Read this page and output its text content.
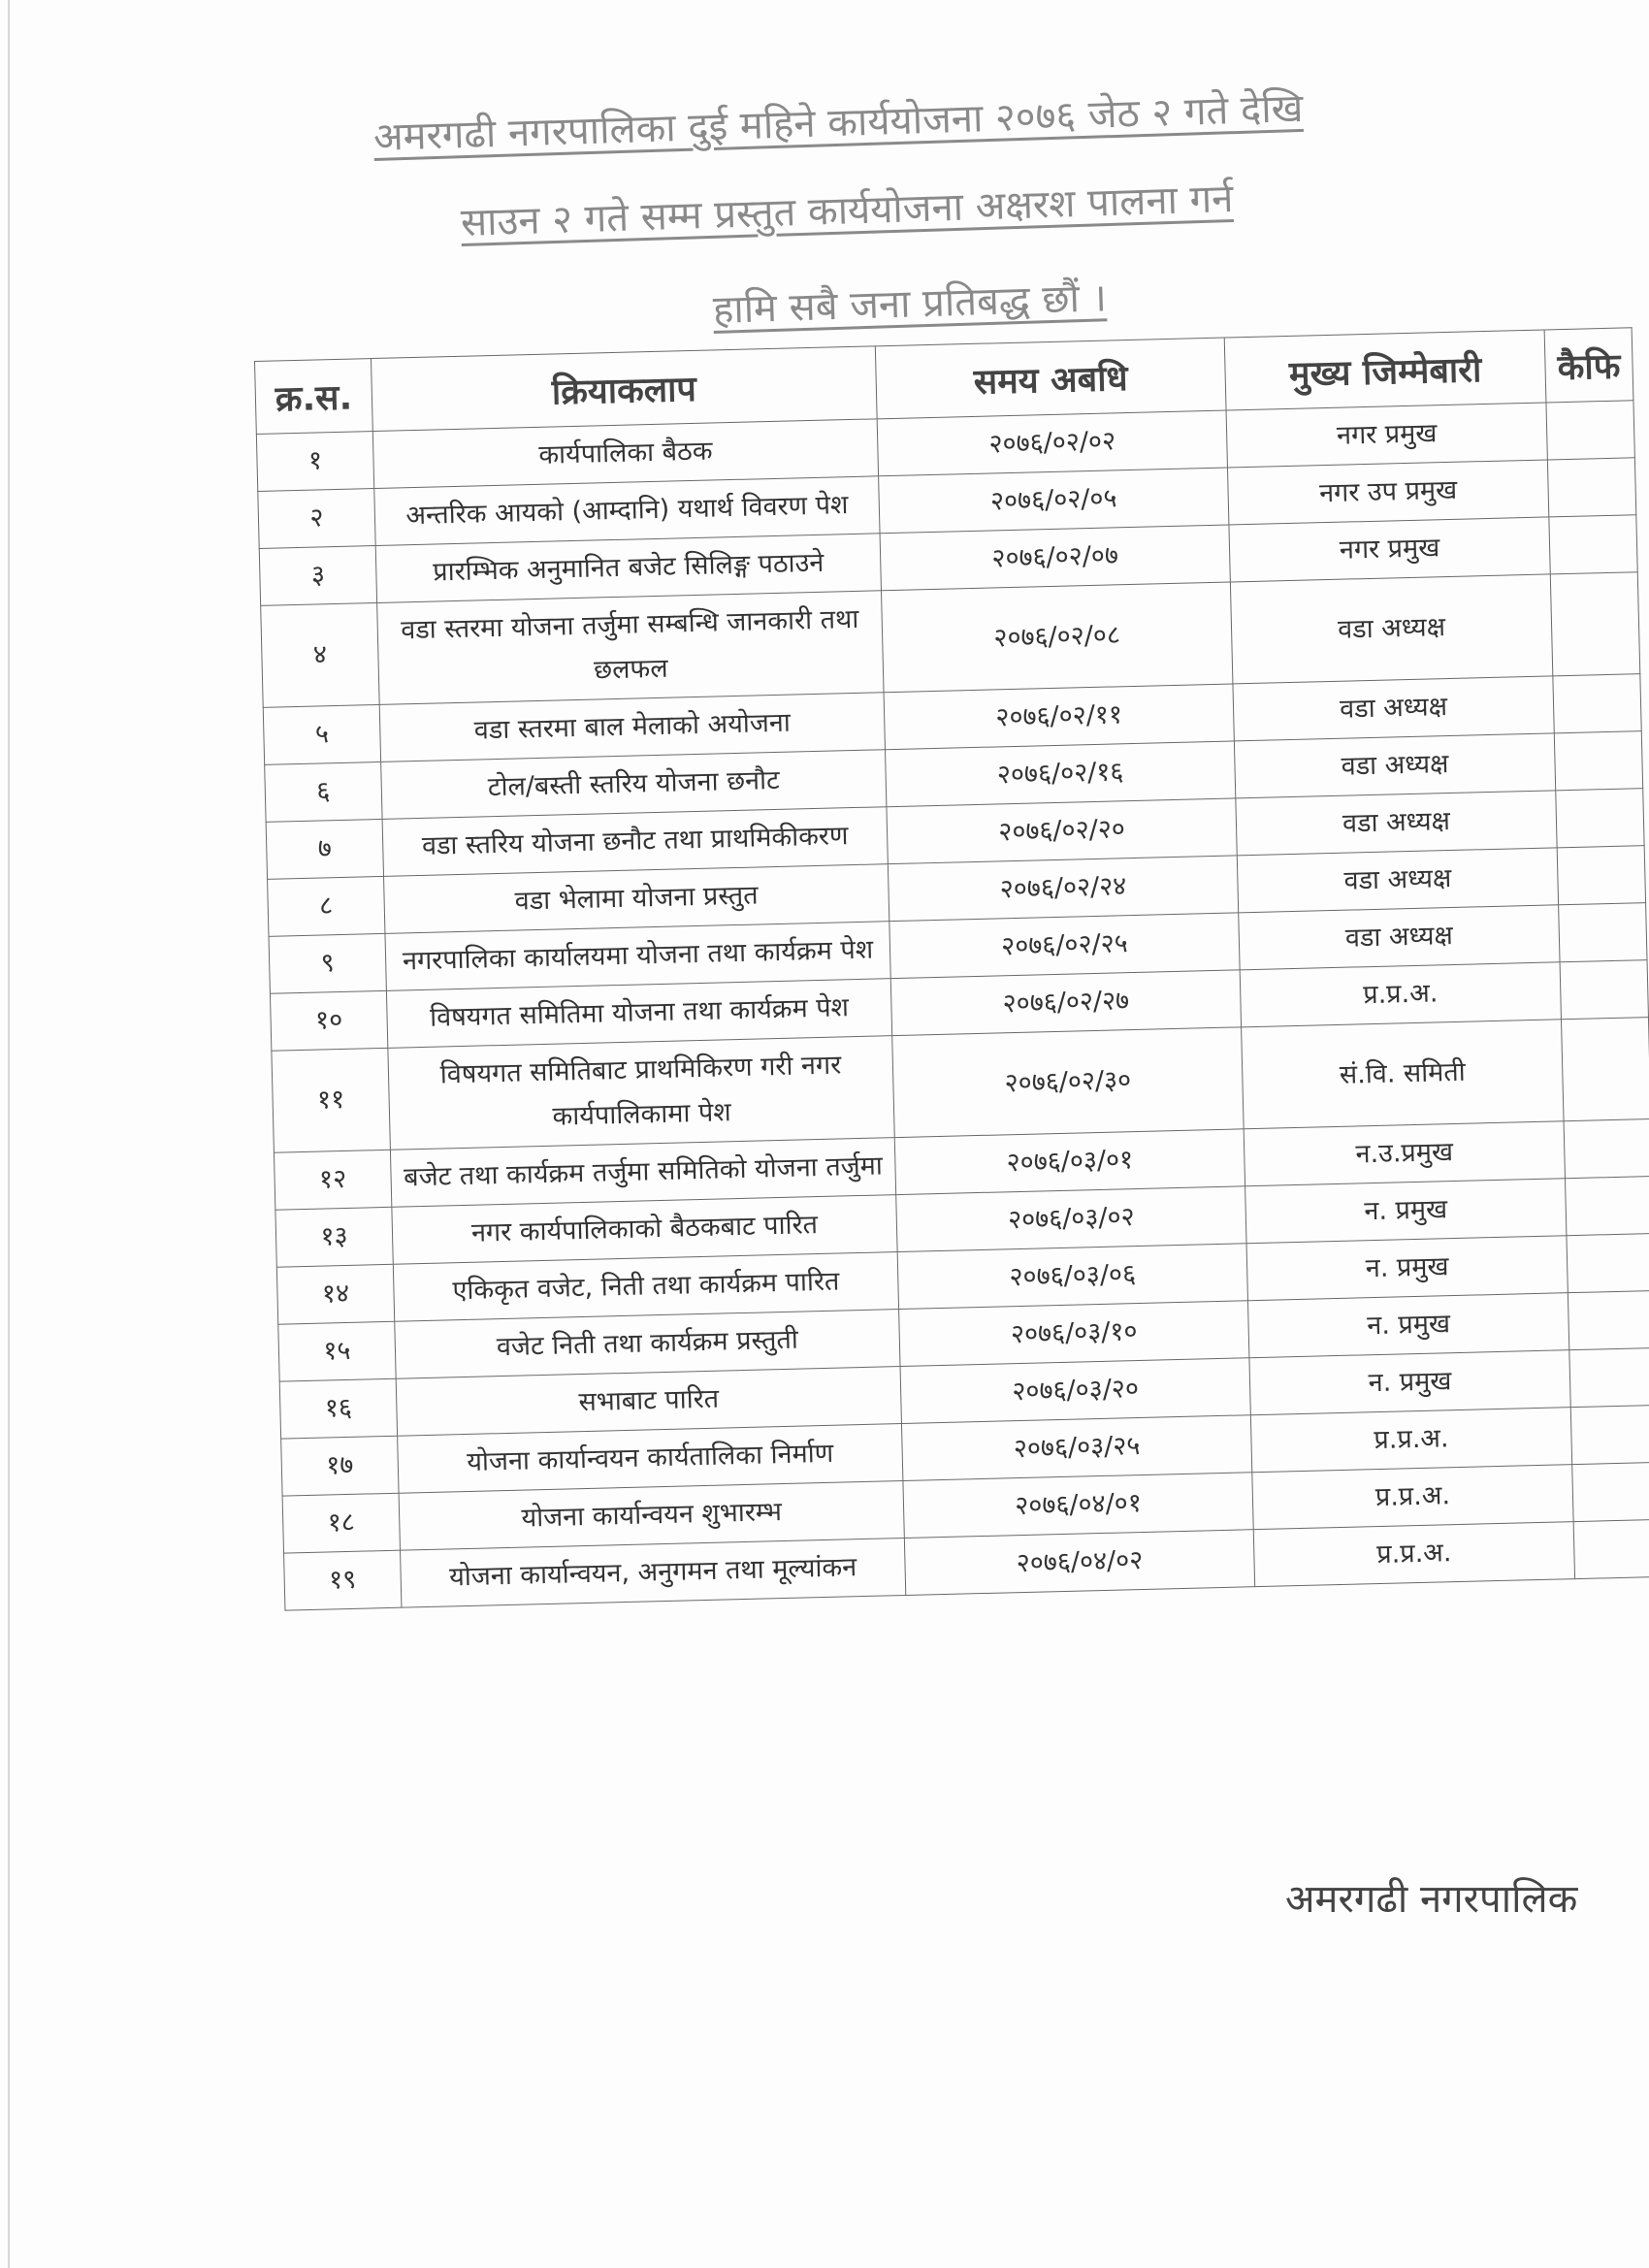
अमरगढी नगरपालिका दुई महिने कार्ययोजना २०७६ जेठ २ गते देखि
साउन २ गते सम्म प्रस्तुत कार्ययोजना अक्षरश पालना गर्न
हामि सबै जना प्रतिबद्ध छौं ।
क्र.स.	क्रियाकलाप	समय अबधि	मुख्य जिम्मेबारी	कैफि
१	कार्यपालिका बैठक	२०७६/०२/०२	नगर प्रमुख	
२	अन्तरिक आयको (आम्दानि) यथार्थ विवरण पेश	२०७६/०२/०५	नगर उप प्रमुख	
३	प्रारम्भिक अनुमानित बजेट सिलिङ्ग पठाउने	२०७६/०२/०७	नगर प्रमुख	
४	वडा स्तरमा योजना तर्जुमा सम्बन्धि जानकारी तथा छलफल	२०७६/०२/०८	वडा अध्यक्ष	
५	वडा स्तरमा बाल मेलाको अयोजना	२०७६/०२/११	वडा अध्यक्ष	
६	टोल/बस्ती स्तरिय योजना छनौट	२०७६/०२/१६	वडा अध्यक्ष	
७	वडा स्तरिय योजना छनौट तथा प्राथमिकीकरण	२०७६/०२/२०	वडा अध्यक्ष	
८	वडा भेलामा योजना प्रस्तुत	२०७६/०२/२४	वडा अध्यक्ष	
९	नगरपालिका कार्यालयमा योजना तथा कार्यक्रम पेश	२०७६/०२/२५	वडा अध्यक्ष	
१०	विषयगत समितिमा योजना तथा कार्यक्रम पेश	२०७६/०२/२७	प्र.प्र.अ.	
११	विषयगत समितिबाट प्राथमिकिरण गरी नगर कार्यपालिकामा पेश	२०७६/०२/३०	सं.वि. समिती	
१२	बजेट तथा कार्यक्रम तर्जुमा समितिको योजना तर्जुमा	२०७६/०३/०१	न.उ.प्रमुख	
१३	नगर कार्यपालिकाको बैठकबाट पारित	२०७६/०३/०२	न. प्रमुख	
१४	एकिकृत वजेट, निती तथा कार्यक्रम पारित	२०७६/०३/०६	न. प्रमुख	
१५	वजेट निती तथा कार्यक्रम प्रस्तुती	२०७६/०३/१०	न. प्रमुख	
१६	सभाबाट पारित	२०७६/०३/२०	न. प्रमुख	
१७	योजना कार्यान्वयन कार्यतालिका निर्माण	२०७६/०३/२५	प्र.प्र.अ.	
१८	योजना कार्यान्वयन शुभारम्भ	२०७६/०४/०१	प्र.प्र.अ.	
१९	योजना कार्यान्वयन, अनुगमन तथा मूल्यांकन	२०७६/०४/०२	प्र.प्र.अ.	
अमरगढी नगरपालिक
